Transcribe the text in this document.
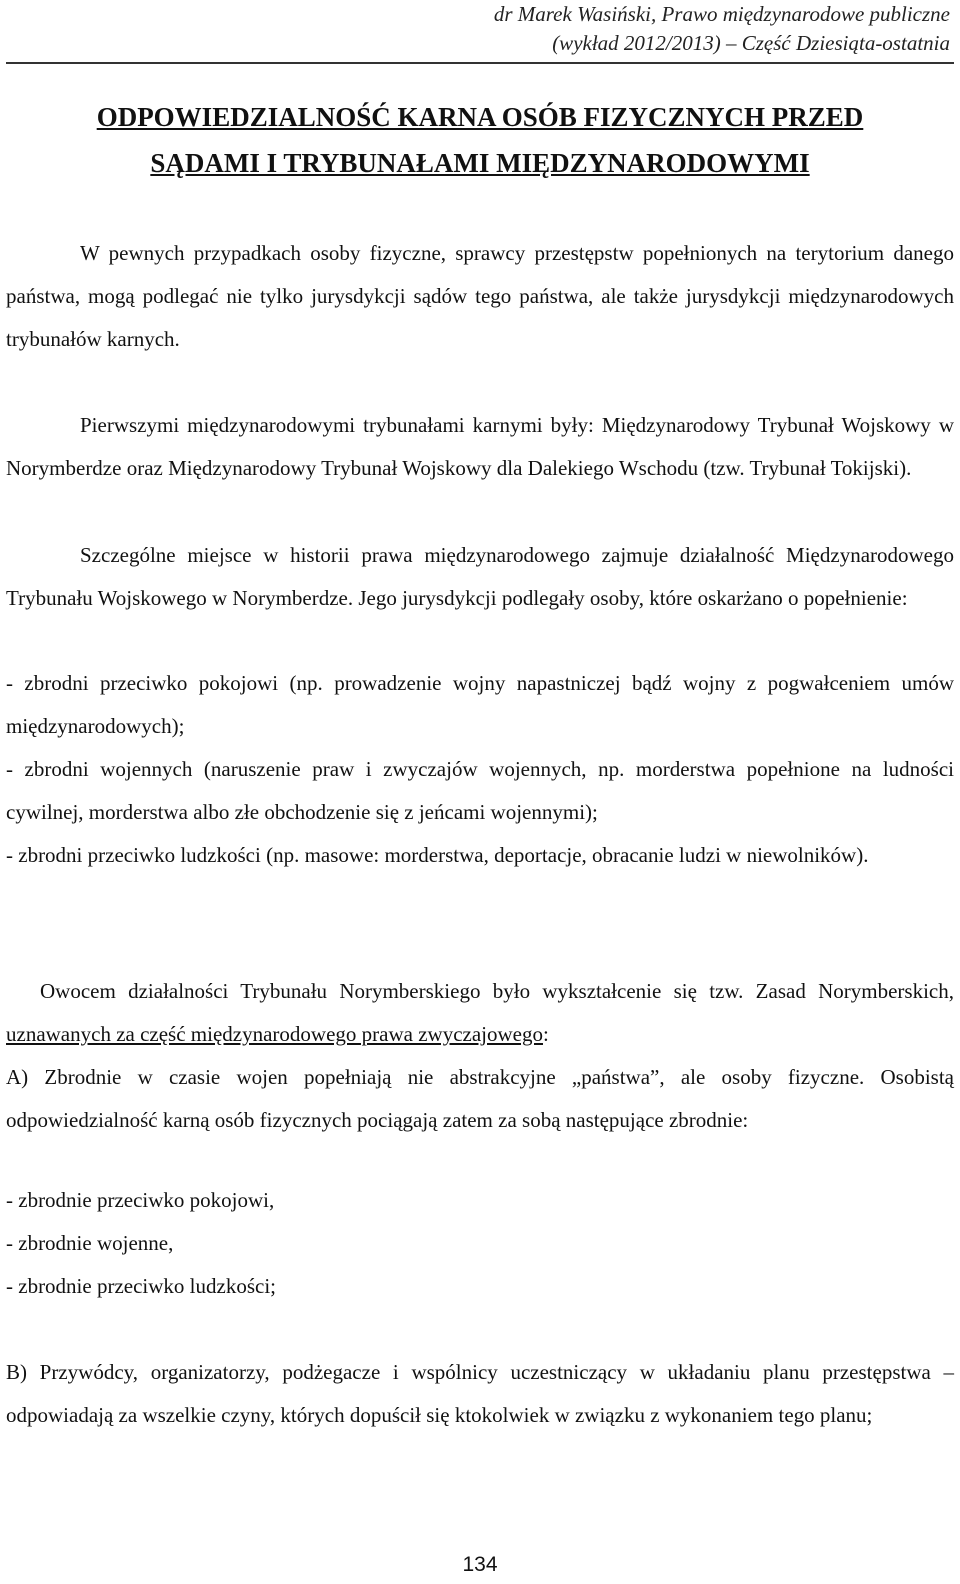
dr Marek Wasiński, Prawo międzynarodowe publiczne
(wykład 2012/2013) – Część Dziesiąta-ostatnia
ODPOWIEDZIALNOŚĆ KARNA OSÓB FIZYCZNYCH PRZED
SĄDAMI I TRYBUNAŁAMI MIĘDZYNARODOWYMI
W pewnych przypadkach osoby fizyczne, sprawcy przestępstw popełnionych na terytorium danego państwa, mogą podlegać nie tylko jurysdykcji sądów tego państwa, ale także jurysdykcji międzynarodowych trybunałów karnych.
Pierwszymi międzynarodowymi trybunałami karnymi były: Międzynarodowy Trybunał Wojskowy w Norymberdze oraz Międzynarodowy Trybunał Wojskowy dla Dalekiego Wschodu (tzw. Trybunał Tokijski).
Szczególne miejsce w historii prawa międzynarodowego zajmuje działalność Międzynarodowego Trybunału Wojskowego w Norymberdze. Jego jurysdykcji podlegały osoby, które oskarżano o popełnienie:
- zbrodni przeciwko pokojowi (np. prowadzenie wojny napastniczej bądź wojny z pogwałceniem umów międzynarodowych);
- zbrodni wojennych (naruszenie praw i zwyczajów wojennych, np. morderstwa popełnione na ludności cywilnej, morderstwa albo złe obchodzenie się z jeńcami wojennymi);
- zbrodni przeciwko ludzkości (np. masowe: morderstwa, deportacje, obracanie ludzi w niewolników).
Owocem działalności Trybunału Norymberskiego było wykształcenie się tzw. Zasad Norymberskich, uznawanych za część międzynarodowego prawa zwyczajowego:
A) Zbrodnie w czasie wojen popełniają nie abstrakcyjne „państwa”, ale osoby fizyczne. Osobistą odpowiedzialność karną osób fizycznych pociągają zatem za sobą następujące zbrodnie:
- zbrodnie przeciwko pokojowi,
- zbrodnie wojenne,
- zbrodnie przeciwko ludzkości;
B) Przywódcy, organizatorzy, podżegacze i wspólnicy uczestniczący w układaniu planu przestępstwa – odpowiadają za wszelkie czyny, których dopuścił się ktokolwiek w związku z wykonaniem tego planu;
134
